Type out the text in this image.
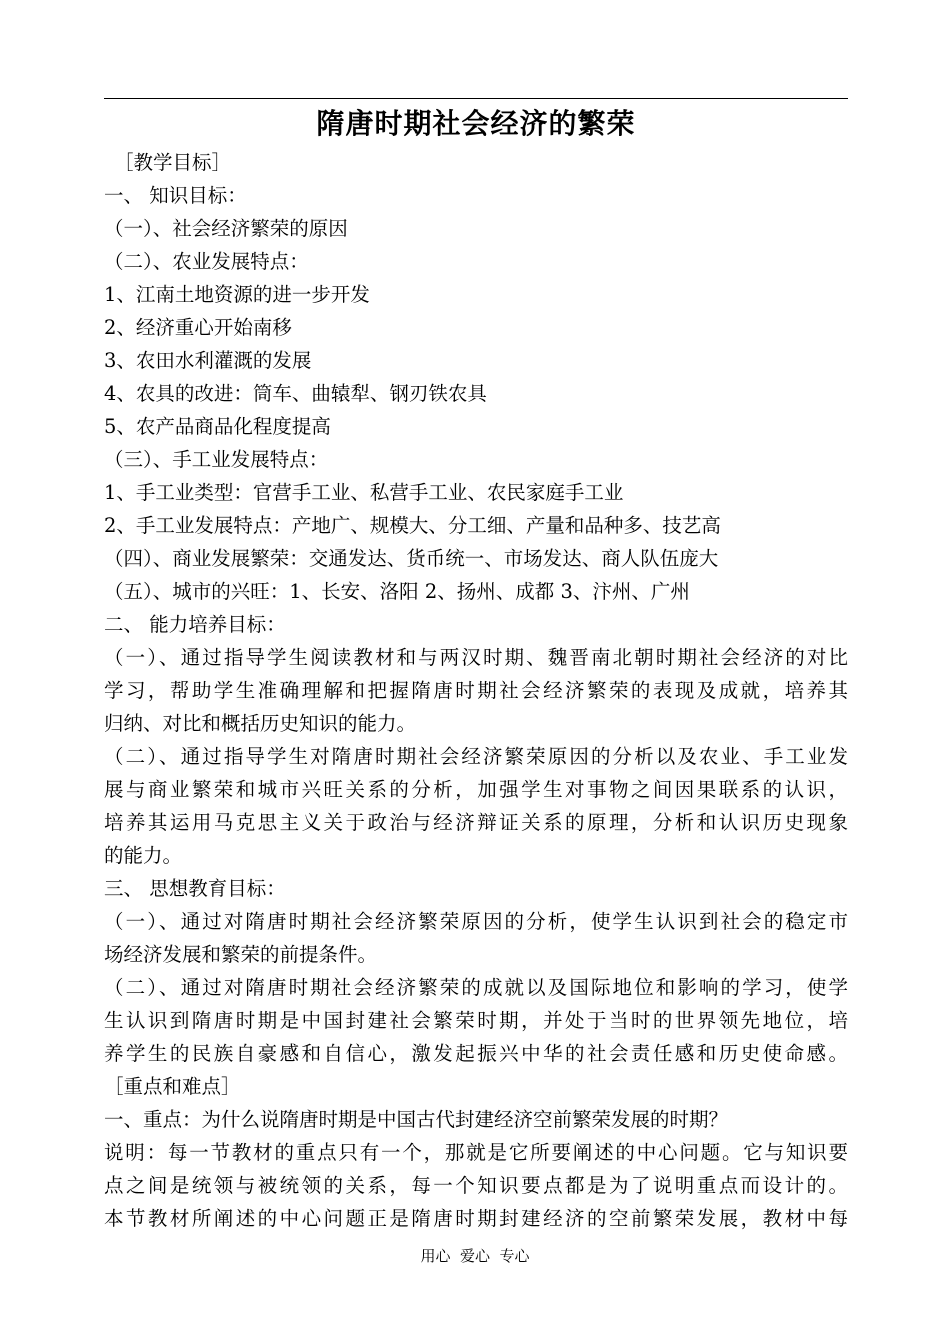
隋唐时期社会经济的繁荣
［教学目标］
一、 知识目标：
（一）、社会经济繁荣的原因
（二）、农业发展特点：
1、江南土地资源的进一步开发
2、经济重心开始南移
3、农田水利灌溉的发展
4、农具的改进：筒车、曲辕犁、钢刃铁农具
5、农产品商品化程度提高
（三）、手工业发展特点：
1、手工业类型：官营手工业、私营手工业、农民家庭手工业
2、手工业发展特点：产地广、规模大、分工细、产量和品种多、技艺高
（四）、商业发展繁荣：交通发达、货币统一、市场发达、商人队伍庞大
（五）、城市的兴旺：1、长安、洛阳 2、扬州、成都 3、汴州、广州
二、 能力培养目标：
（一）、通过指导学生阅读教材和与两汉时期、魏晋南北朝时期社会经济的对比
学习，帮助学生准确理解和把握隋唐时期社会经济繁荣的表现及成就，培养其
归纳、对比和概括历史知识的能力。
（二）、通过指导学生对隋唐时期社会经济繁荣原因的分析以及农业、手工业发
展与商业繁荣和城市兴旺关系的分析，加强学生对事物之间因果联系的认识，
培养其运用马克思主义关于政治与经济辩证关系的原理，分析和认识历史现象
的能力。
三、 思想教育目标：
（一）、通过对隋唐时期社会经济繁荣原因的分析，使学生认识到社会的稳定市
场经济发展和繁荣的前提条件。
（二）、通过对隋唐时期社会经济繁荣的成就以及国际地位和影响的学习，使学
生认识到隋唐时期是中国封建社会繁荣时期，并处于当时的世界领先地位，培
养学生的民族自豪感和自信心，激发起振兴中华的社会责任感和历史使命感。
［重点和难点］
一、重点：为什么说隋唐时期是中国古代封建经济空前繁荣发展的时期？
说明：每一节教材的重点只有一个，那就是它所要阐述的中心问题。它与知识要
点之间是统领与被统领的关系，每一个知识要点都是为了说明重点而设计的。
本节教材所阐述的中心问题正是隋唐时期封建经济的空前繁荣发展，教材中每
用心  爱心  专心
